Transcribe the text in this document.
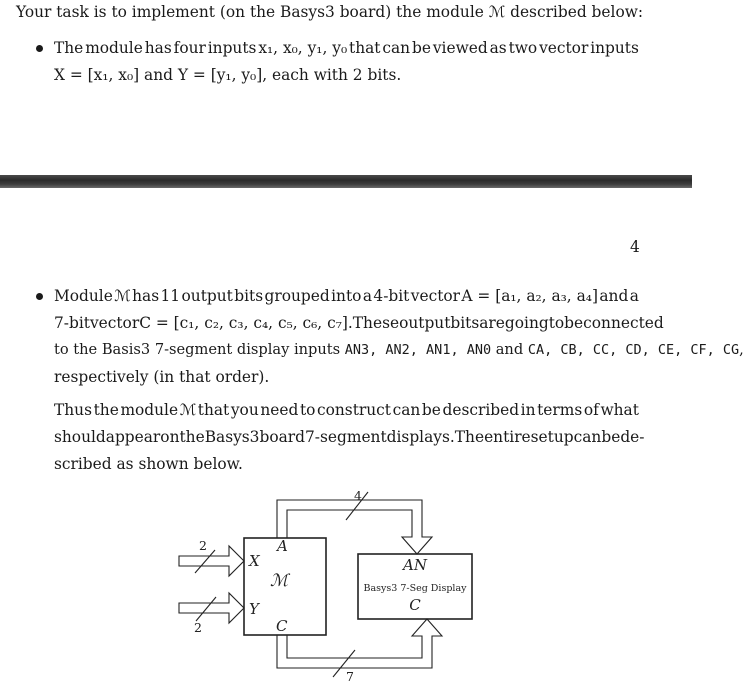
Your task is to implement (on the Basys3 board) the module ℳ described below:
The module has four inputs x₁, x₀, y₁, y₀ that can be viewed as two vector inputs
X = [x₁, x₀] and Y = [y₁, y₀], each with 2 bits.
4
Module ℳ has 11 output bits grouped into a 4-bit vector A = [a₁, a₂, a₃, a₄] and a
7-bit vector C = [c₁, c₂, c₃, c₄, c₅, c₆, c₇]. These output bits are going to be connected
to the Basis3 7-segment display inputs AN3, AN2, AN1, AN0 and CA, CB, CC, CD, CE, CF, CG,
respectively (in that order).
Thus the module ℳ that you need to construct can be described in terms of what
should appear on the Basys3 board 7-segment displays. The entire setup can be de-
scribed as shown below.
X
Y
A
C
ℳ
AN
C
4
7
2
2
Basys3 7-Seg Display
